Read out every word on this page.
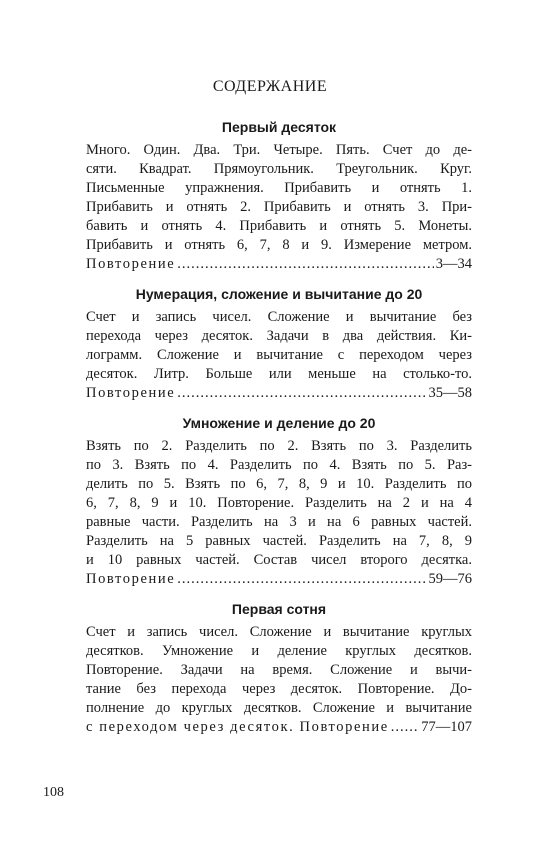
СОДЕРЖАНИЕ
Первый десяток
Много. Один. Два. Три. Четыре. Пять. Счет до де-
сяти. Квадрат. Прямоугольник. Треугольник. Круг.
Письменные упражнения. Прибавить и отнять 1.
Прибавить и отнять 2. Прибавить и отнять 3. При-
бавить и отнять 4. Прибавить и отнять 5. Монеты.
Прибавить и отнять 6, 7, 8 и 9. Измерение метром.
Повторение .....	3—34
Нумерация, сложение и вычитание до 20
Счет и запись чисел. Сложение и вычитание без
перехода через десяток. Задачи в два действия. Ки-
лограмм. Сложение и вычитание с переходом через
десяток. Литр. Больше или меньше на столько-то.
Повторение .....	35—58
Умножение и деление до 20
Взять по 2. Разделить по 2. Взять по 3. Разделить
по 3. Взять по 4. Разделить по 4. Взять по 5. Раз-
делить по 5. Взять по 6, 7, 8, 9 и 10. Разделить по
6, 7, 8, 9 и 10. Повторение. Разделить на 2 и на 4
равные части. Разделить на 3 и на 6 равных частей.
Разделить на 5 равных частей. Разделить на 7, 8, 9
и 10 равных частей. Состав чисел второго десятка.
Повторение .....	59—76
Первая сотня
Счет и запись чисел. Сложение и вычитание круглых
десятков. Умножение и деление круглых десятков.
Повторение. Задачи на время. Сложение и вычи-
тание без перехода через десяток. Повторение. До-
полнение до круглых десятков. Сложение и вычитание
с переходом через десяток. Повторение ..... 77—107
108
